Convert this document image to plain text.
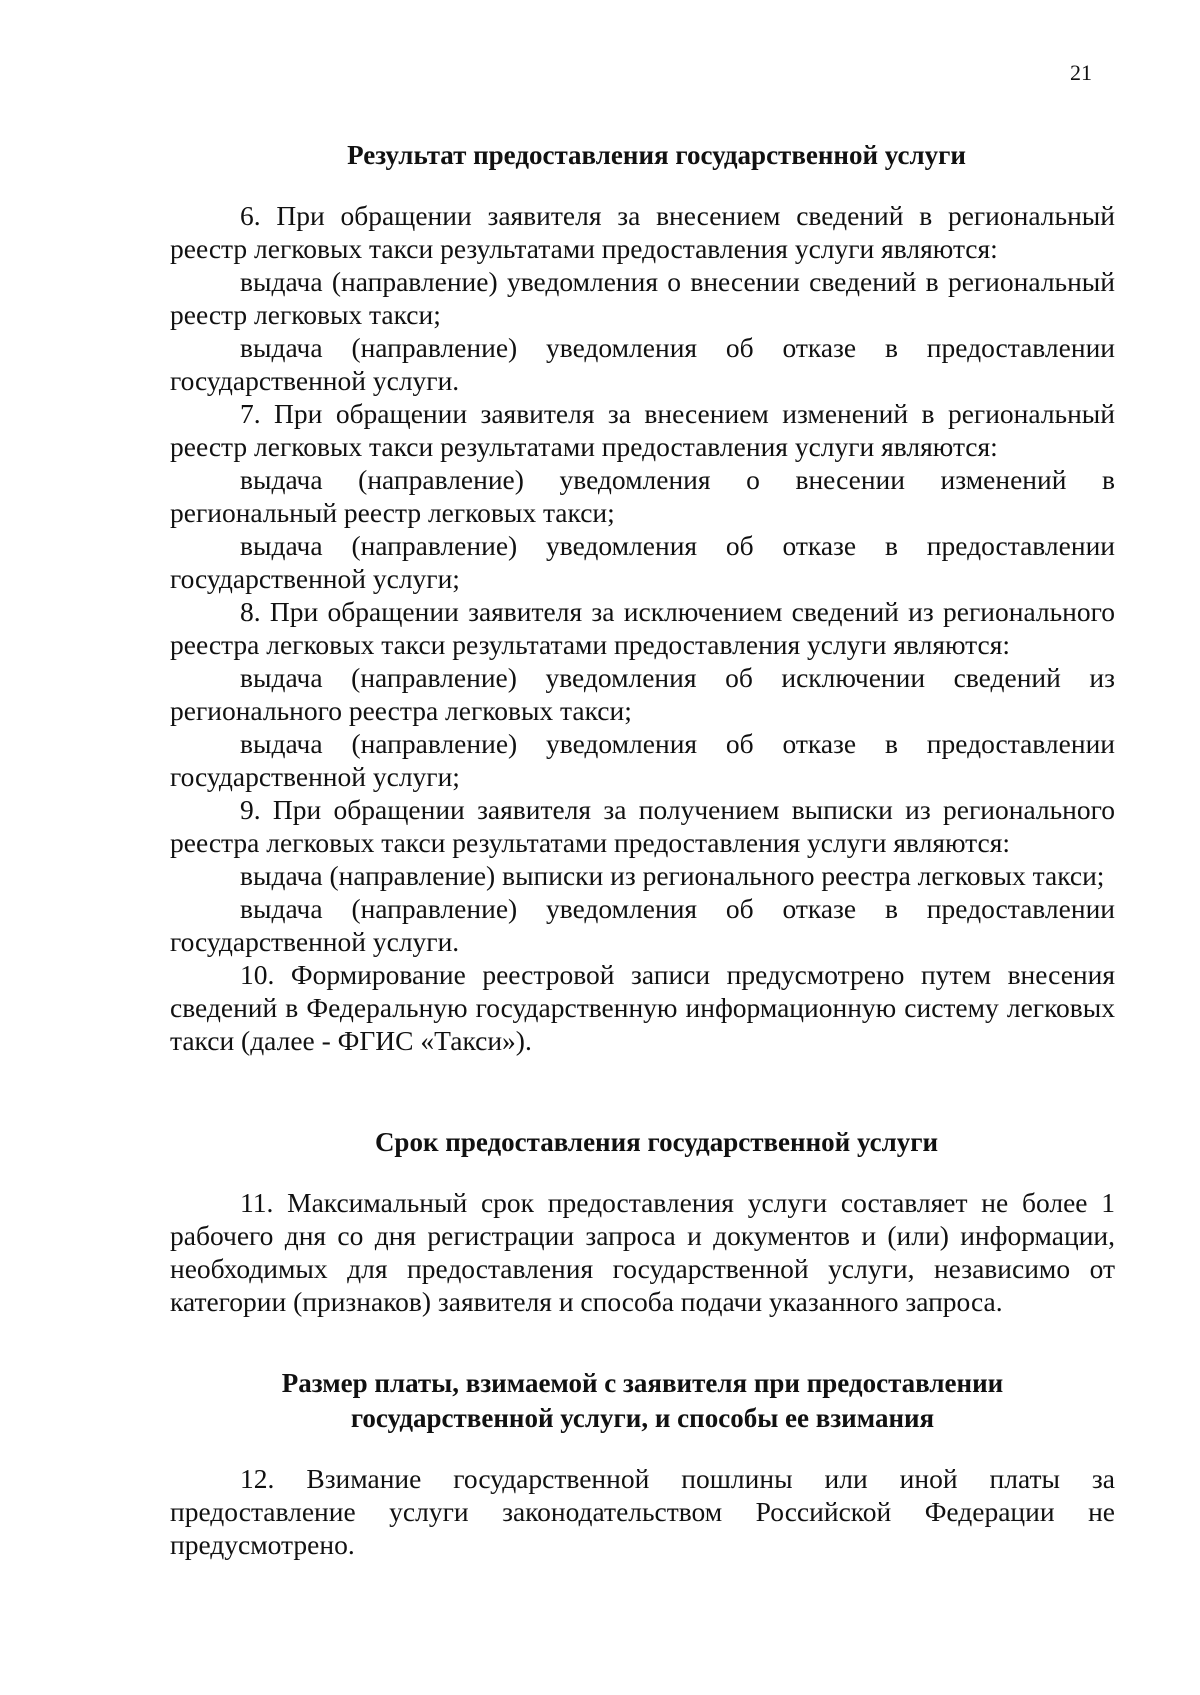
21
Результат предоставления государственной услуги

6. При обращении заявителя за внесением сведений в региональный реестр легковых такси результатами предоставления услуги являются:

выдача (направление) уведомления о внесении сведений в региональный реестр легковых такси;

выдача (направление) уведомления об отказе в предоставлении государственной услуги.

7. При обращении заявителя за внесением изменений в региональный реестр легковых такси результатами предоставления услуги являются:

выдача (направление) уведомления о внесении изменений в региональный реестр легковых такси;

выдача (направление) уведомления об отказе в предоставлении государственной услуги;

8. При обращении заявителя за исключением сведений из регионального реестра легковых такси результатами предоставления услуги являются:

выдача (направление) уведомления об исключении сведений из регионального реестра легковых такси;

выдача (направление) уведомления об отказе в предоставлении государственной услуги;

9. При обращении заявителя за получением выписки из регионального реестра легковых такси результатами предоставления услуги являются:

выдача (направление) выписки из регионального реестра легковых такси;

выдача (направление) уведомления об отказе в предоставлении государственной услуги.

10. Формирование реестровой записи предусмотрено путем внесения сведений в Федеральную государственную информационную систему легковых такси (далее - ФГИС «Такси»).

Срок предоставления государственной услуги

11. Максимальный срок предоставления услуги составляет не более 1 рабочего дня со дня регистрации запроса и документов и (или) информации, необходимых для предоставления государственной услуги, независимо от категории (признаков) заявителя и способа подачи указанного запроса.

Размер платы, взимаемой с заявителя при предоставлении
государственной услуги, и способы ее взимания

12. Взимание государственной пошлины или иной платы за предоставление услуги законодательством Российской Федерации не предусмотрено.
